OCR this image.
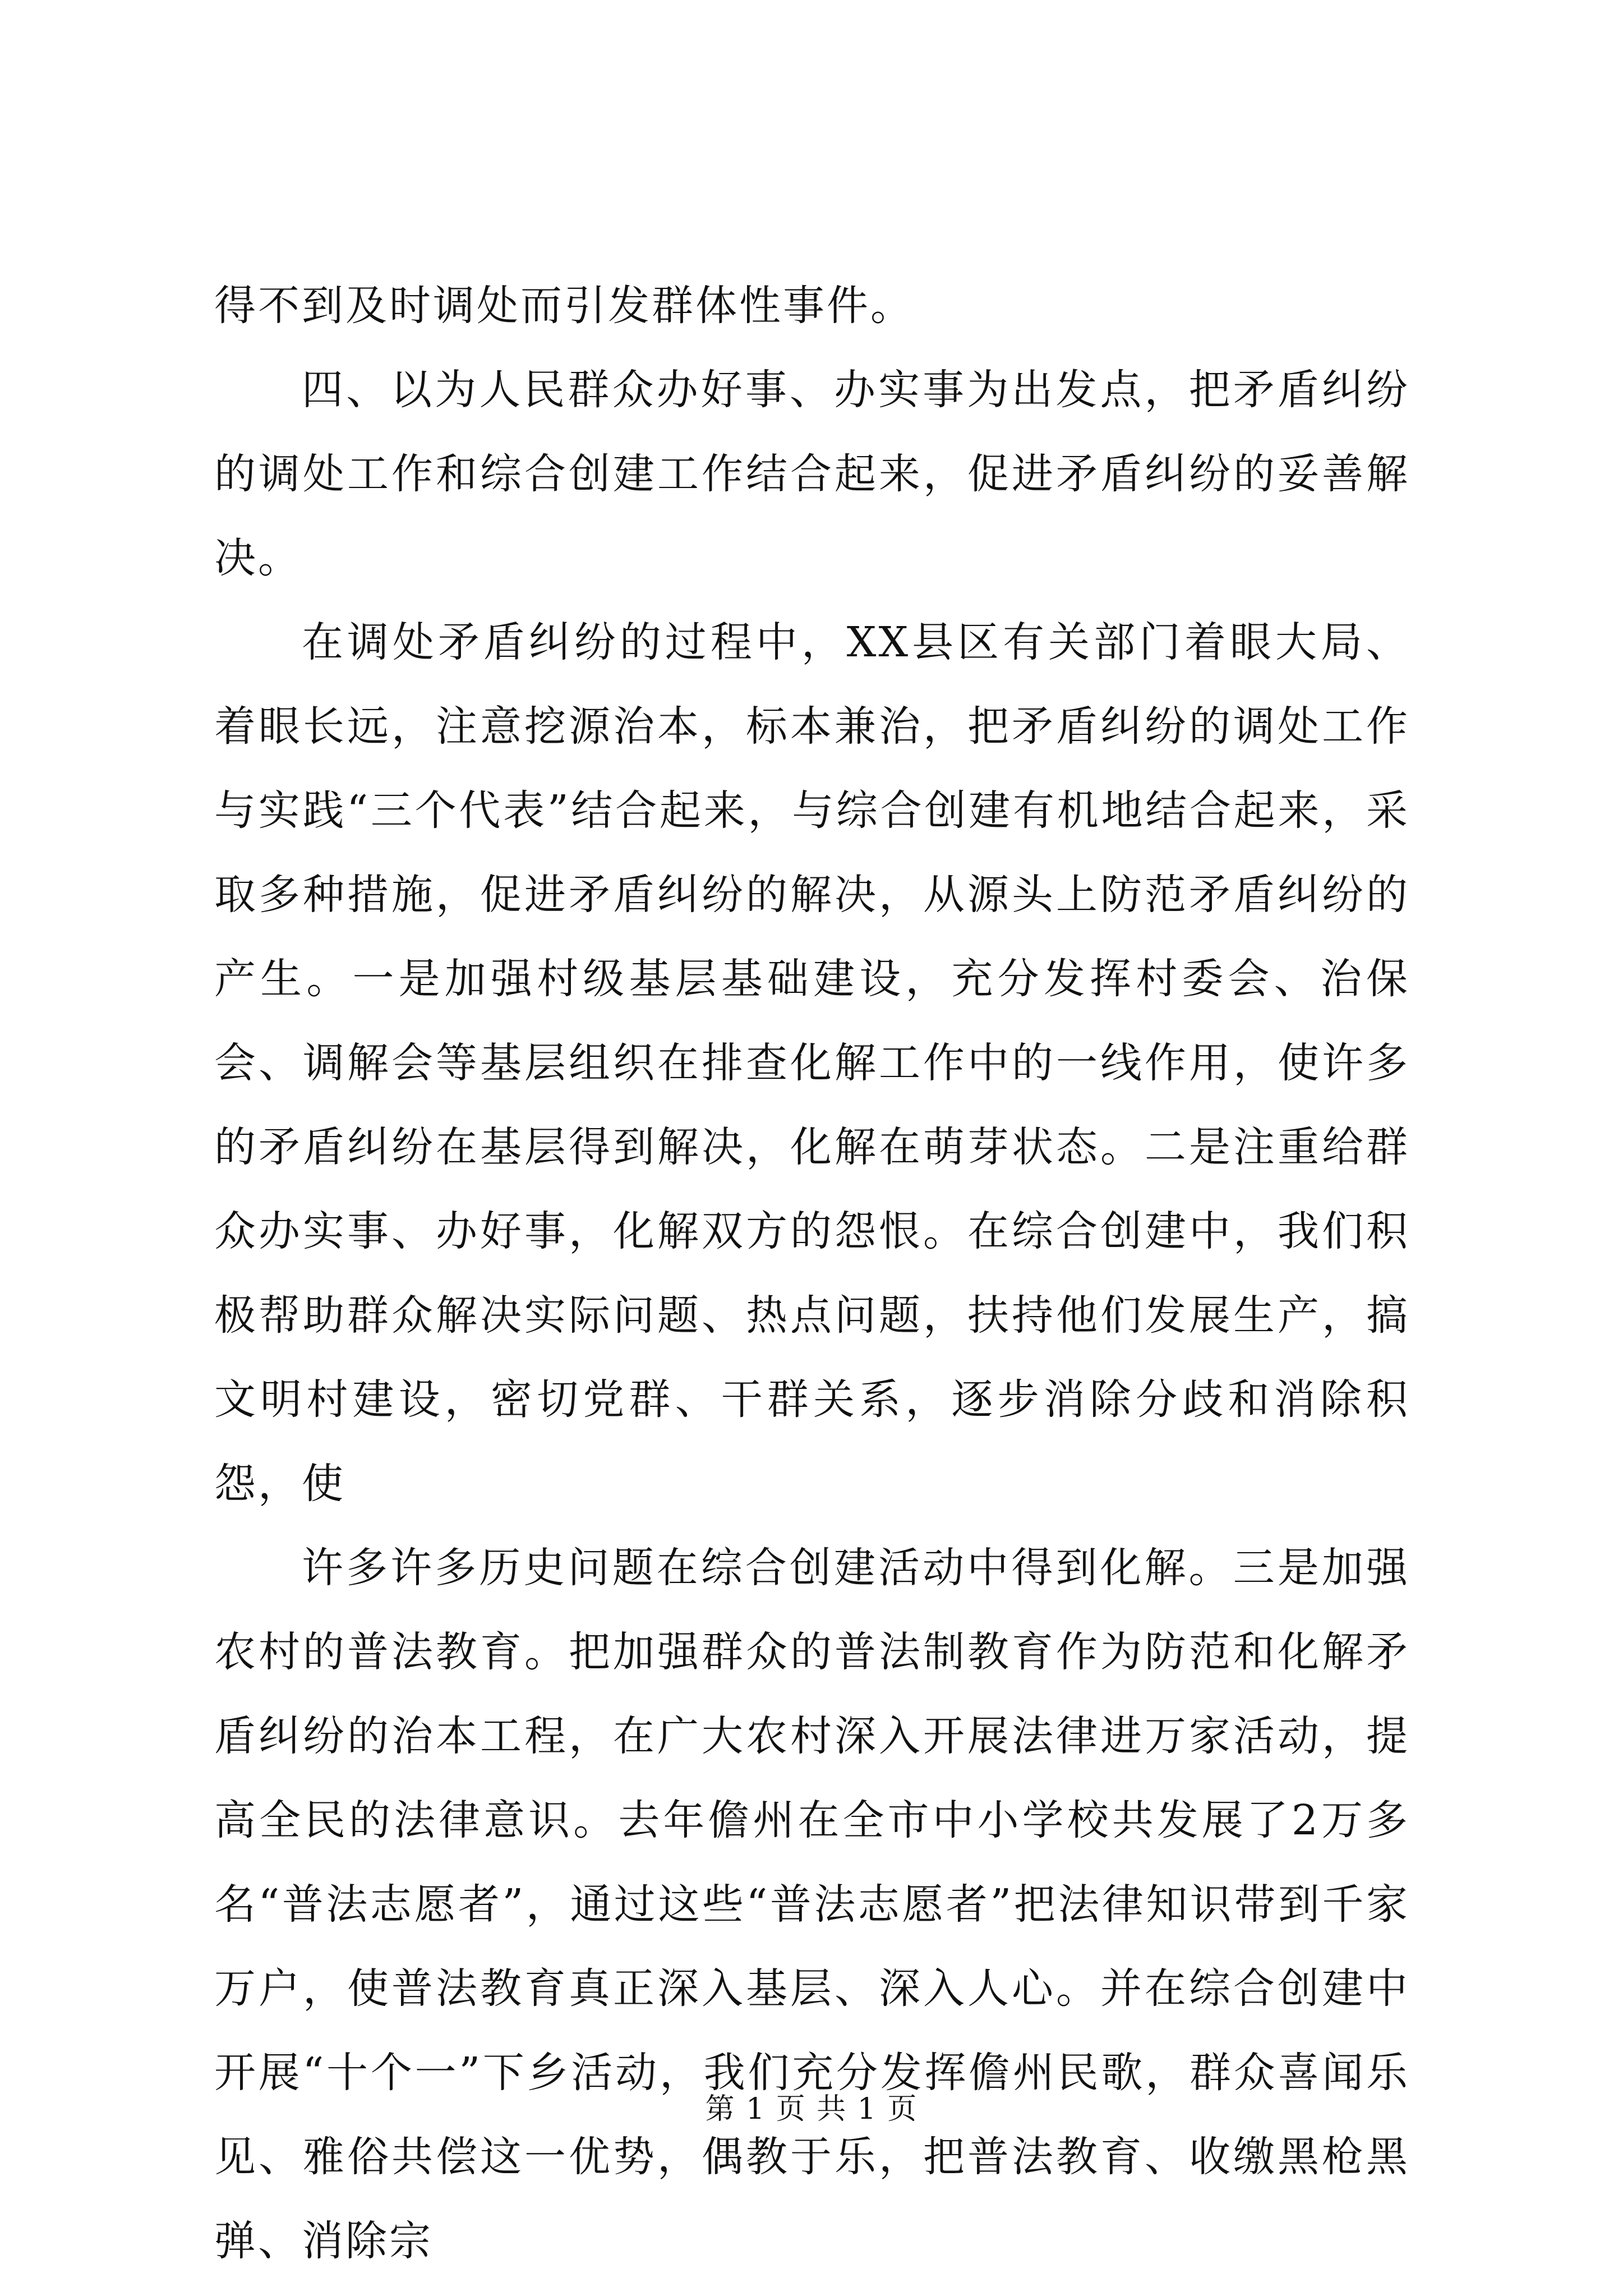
得不到及时调处而引发群体性事件。

四、以为人民群众办好事、办实事为出发点，把矛盾纠纷的调处工作和综合创建工作结合起来，促进矛盾纠纷的妥善解决。

在调处矛盾纠纷的过程中，XX县区有关部门着眼大局、着眼长远，注意挖源治本，标本兼治，把矛盾纠纷的调处工作与实践“三个代表”结合起来，与综合创建有机地结合起来，采取多种措施，促进矛盾纠纷的解决，从源头上防范矛盾纠纷的产生。一是加强村级基层基础建设，充分发挥村委会、治保会、调解会等基层组织在排查化解工作中的一线作用，使许多的矛盾纠纷在基层得到解决，化解在萌芽状态。二是注重给群众办实事、办好事，化解双方的怨恨。在综合创建中，我们积极帮助群众解决实际问题、热点问题，扶持他们发展生产，搞文明村建设，密切党群、干群关系，逐步消除分歧和消除积怨，使

许多许多历史问题在综合创建活动中得到化解。三是加强农村的普法教育。把加强群众的普法制教育作为防范和化解矛盾纠纷的治本工程，在广大农村深入开展法律进万家活动，提高全民的法律意识。去年儋州在全市中小学校共发展了2万多名“普法志愿者”，通过这些“普法志愿者”把法律知识带到千家万户，使普法教育真正深入基层、深入人心。并在综合创建中开展“十个一”下乡活动，我们充分发挥儋州民歌，群众喜闻乐见、雅俗共偿这一优势，偶教于乐，把普法教育、收缴黑枪黑弹、消除宗

第 1 页 共 1 页
